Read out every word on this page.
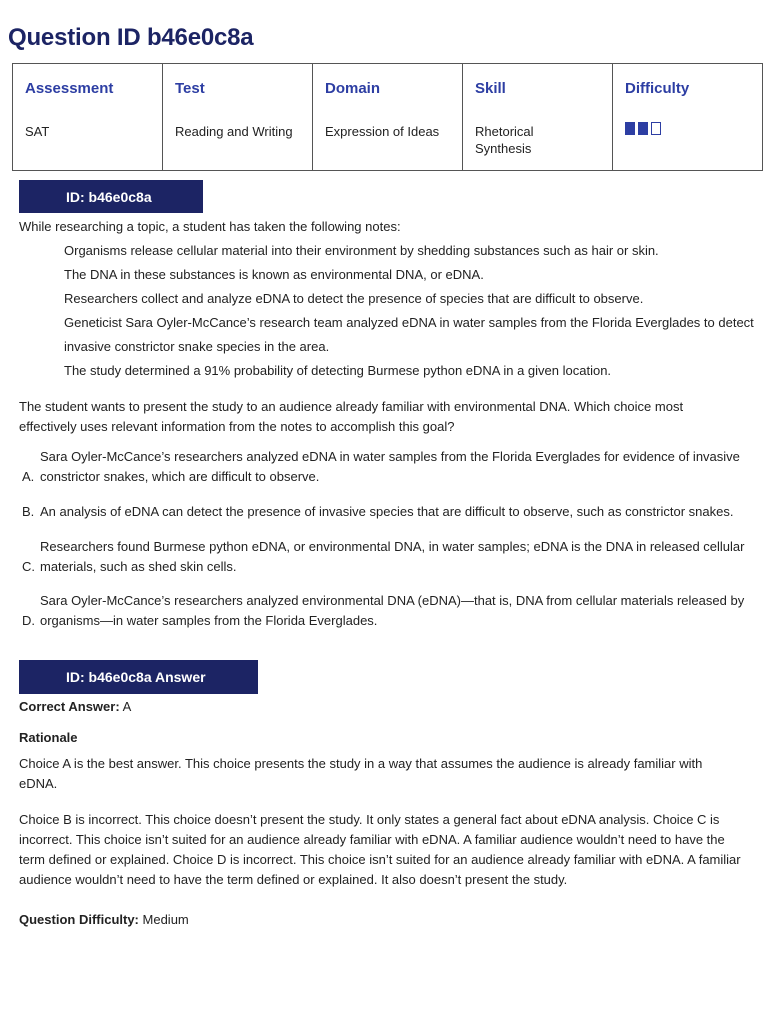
Question ID b46e0c8a
Assessment
SAT

Test
Reading and Writing

Domain
Expression of Ideas

Skill
Rhetorical Synthesis

Difficulty
ID: b46e0c8a
While researching a topic, a student has taken the following notes:
Organisms release cellular material into their environment by shedding substances such as hair or skin.
The DNA in these substances is known as environmental DNA, or eDNA.
Researchers collect and analyze eDNA to detect the presence of species that are difficult to observe.
Geneticist Sara Oyler-McCance’s research team analyzed eDNA in water samples from the Florida Everglades to detect invasive constrictor snake species in the area.
The study determined a 91% probability of detecting Burmese python eDNA in a given location.
The student wants to present the study to an audience already familiar with environmental DNA. Which choice most effectively uses relevant information from the notes to accomplish this goal?
A.
Sara Oyler-McCance’s researchers analyzed eDNA in water samples from the Florida Everglades for evidence of invasive constrictor snakes, which are difficult to observe.
B. An analysis of eDNA can detect the presence of invasive species that are difficult to observe, such as constrictor snakes.
C.
Researchers found Burmese python eDNA, or environmental DNA, in water samples; eDNA is the DNA in released cellular materials, such as shed skin cells.
D.
Sara Oyler-McCance’s researchers analyzed environmental DNA (eDNA)—that is, DNA from cellular materials released by organisms—in water samples from the Florida Everglades.
ID: b46e0c8a Answer
Correct Answer: A
Rationale
Choice A is the best answer. This choice presents the study in a way that assumes the audience is already familiar with eDNA.
Choice B is incorrect. This choice doesn’t present the study. It only states a general fact about eDNA analysis. Choice C is incorrect. This choice isn’t suited for an audience already familiar with eDNA. A familiar audience wouldn’t need to have the term defined or explained. Choice D is incorrect. This choice isn’t suited for an audience already familiar with eDNA. A familiar audience wouldn’t need to have the term defined or explained. It also doesn’t present the study.
Question Difficulty: Medium
